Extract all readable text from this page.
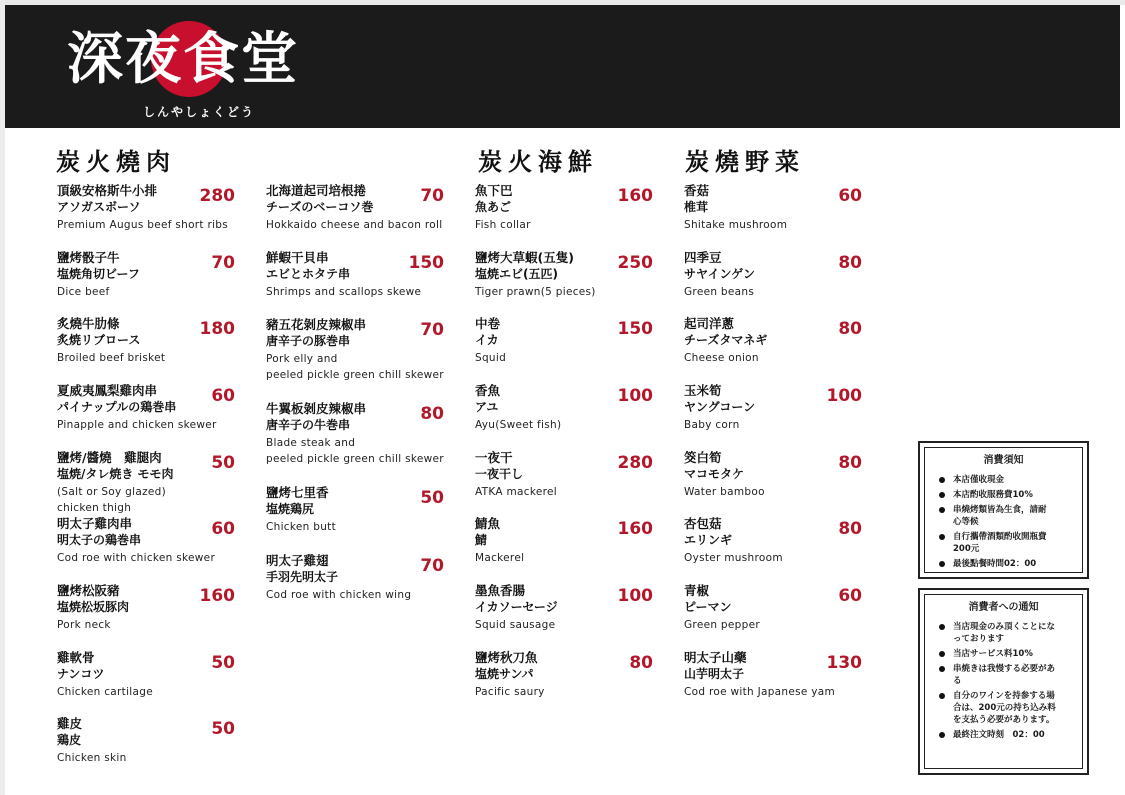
深夜食堂
しんやしょくどう
炭火燒肉	炭火海鮮	炭燒野菜
頂級安格斯牛小排
アソガスボーソ
Premium Augus beef short ribs
280
鹽烤骰子牛
塩焼角切ビーフ
Dice beef
70
炙燒牛肋條
炙焼リブロース
Broiled beef brisket
180
夏威夷鳳梨雞肉串
パイナップルの鶏巻串
Pinapple and chicken skewer
60
鹽烤/醬燒　雞腿肉
塩焼/タレ焼き モモ肉
(Salt or Soy glazed)
chicken thigh
50
明太子雞肉串
明太子の鶏巻串
Cod roe with chicken skewer
60
鹽烤松阪豬
塩焼松坂豚肉
Pork neck
160
雞軟骨
ナンコツ
Chicken cartilage
50
雞皮
鶏皮
Chicken skin
50
北海道起司培根捲
チーズのベーコソ巻
Hokkaido cheese and bacon roll
70
鮮蝦干貝串
エビとホタテ串
Shrimps and scallops skewe
150
豬五花剝皮辣椒串
唐辛子の豚巻串
Pork elly and
peeled pickle green chill skewer
70
牛翼板剝皮辣椒串
唐辛子の牛巻串
Blade steak and
peeled pickle green chill skewer
80
鹽烤七里香
塩焼鶏尻
Chicken butt
50
明太子雞翅
手羽先明太子
Cod roe with chicken wing
70
魚下巴
魚あご
Fish collar
160
鹽烤大草蝦(五隻)
塩焼エビ(五匹)
Tiger prawn(5 pieces)
250
中卷
イカ
Squid
150
香魚
アユ
Ayu(Sweet fish)
100
一夜干
一夜干し
ATKA mackerel
280
鯖魚
鯖
Mackerel
160
墨魚香腸
イカソーセージ
Squid sausage
100
鹽烤秋刀魚
塩焼サンパ
Pacific saury
80
香菇
椎茸
Shitake mushroom
60
四季豆
サヤインゲン
Green beans
80
起司洋蔥
チーズタマネギ
Cheese onion
80
玉米筍
ヤングコーン
Baby corn
100
筊白筍
マコモタケ
Water bamboo
80
杏包菇
エリンギ
Oyster mushroom
80
青椒
ピーマン
Green pepper
60
明太子山藥
山芋明太子
Cod roe with Japanese yam
130
消費須知
本店僅收現金
本店酌收服務費10%
串燒烤類皆為生食，請耐心等候
自行攜帶酒類酌收開瓶費200元
最後點餐時間02：00
消費者への通知
当店現金のみ頂くことになっております
当店サービス料10%
串焼きは我慢する必要がある
自分のワインを持参する場合は、200元の持ち込み料を支払う必要があります。
最終注文時刻　02：00
